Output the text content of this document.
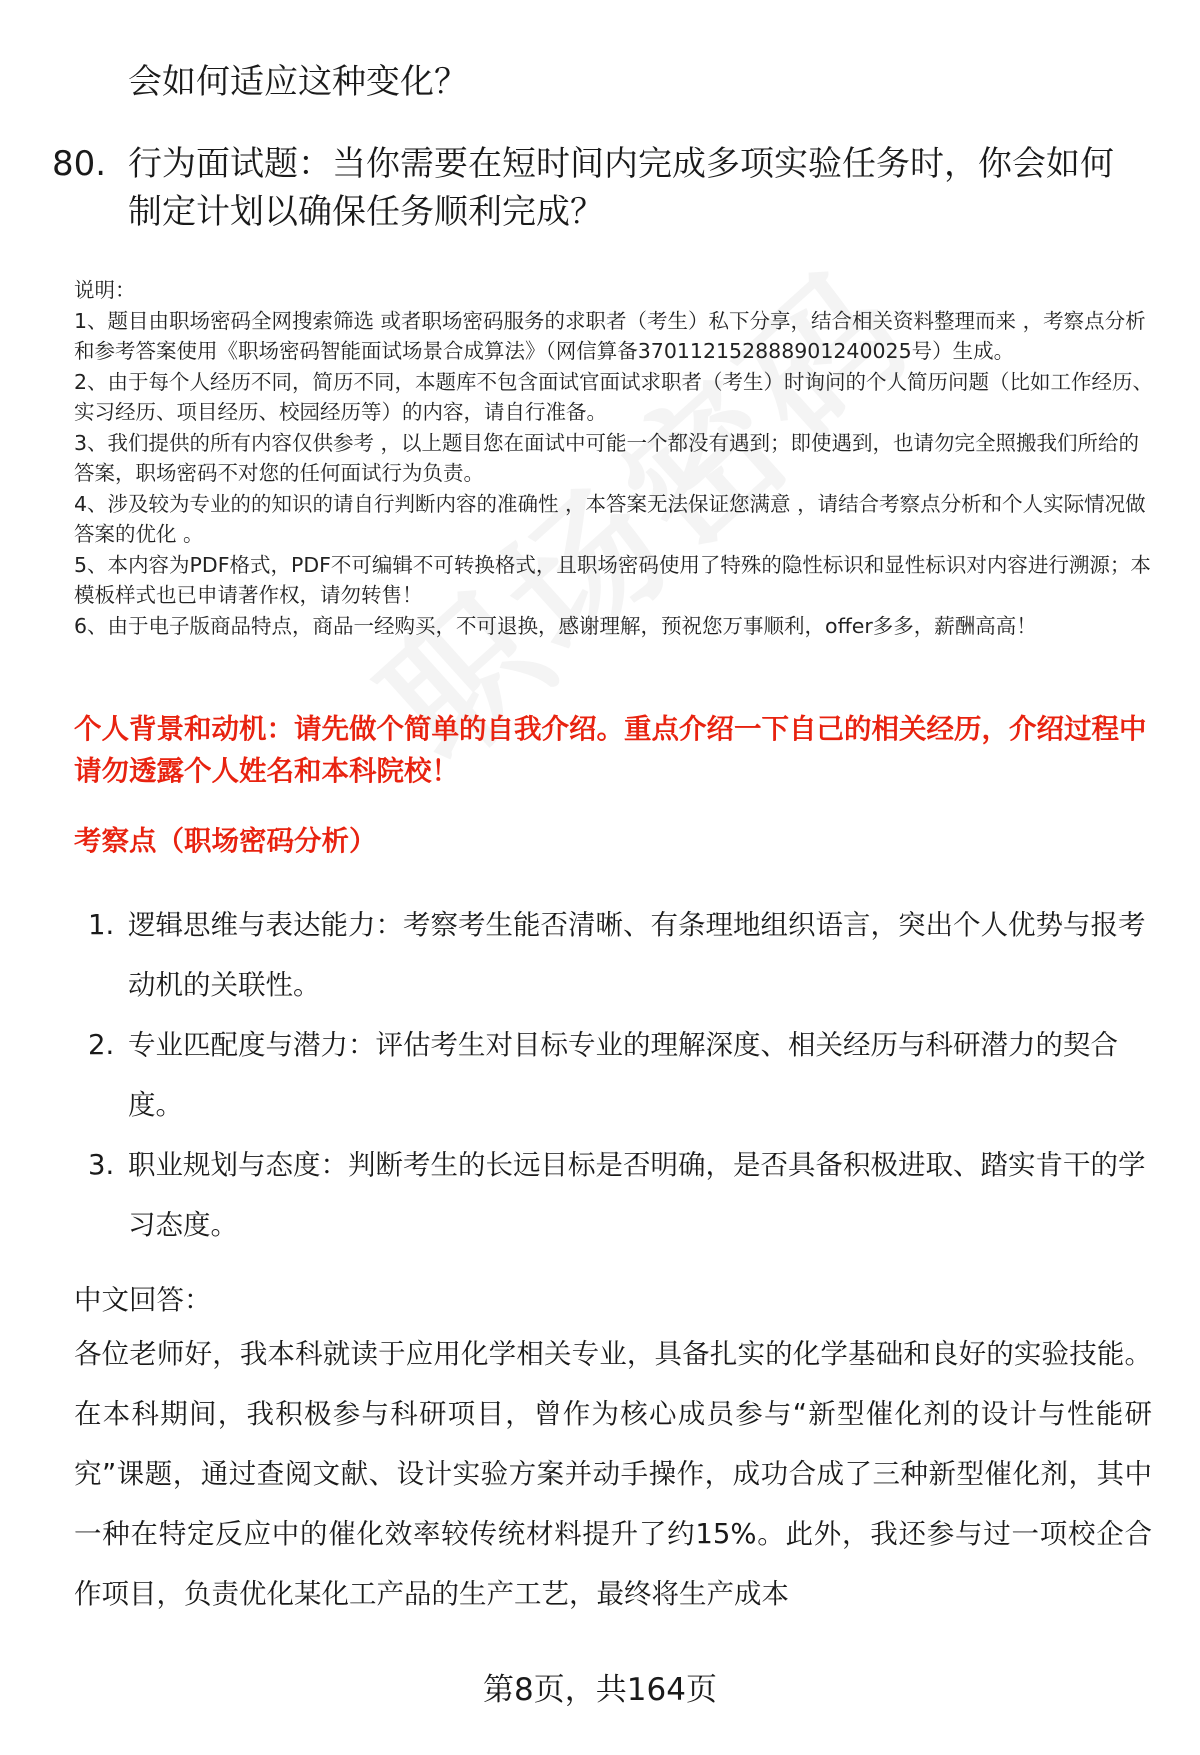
会如何适应这种变化？
80. 行为面试题：当你需要在短时间内完成多项实验任务时，你会如何制定计划以确保任务顺利完成？

说明：

1、题目由职场密码全网搜索筛选 或者职场密码服务的求职者（考生）私下分享，结合相关资料整理而来 ，考察点分析和参考答案使用《职场密码智能面试场景合成算法》（网信算备370112152888901240025号）生成。

2、由于每个人经历不同，简历不同，本题库不包含面试官面试求职者（考生）时询问的个人简历问题（比如工作经历、实习经历、项目经历、校园经历等）的内容，请自行准备。

3、我们提供的所有内容仅供参考 ，以上题目您在面试中可能一个都没有遇到；即使遇到，也请勿完全照搬我们所给的答案，职场密码不对您的任何面试行为负责。

4、涉及较为专业的的知识的请自行判断内容的准确性 ，本答案无法保证您满意 ，请结合考察点分析和个人实际情况做答案的优化 。

5、本内容为PDF格式，PDF不可编辑不可转换格式，且职场密码使用了特殊的隐性标识和显性标识对内容进行溯源；本模板样式也已申请著作权，请勿转售！

6、由于电子版商品特点，商品一经购买，不可退换，感谢理解，预祝您万事顺利，offer多多，薪酬高高！

个人背景和动机：请先做个简单的自我介绍。重点介绍一下自己的相关经历，介绍过程中请勿透露个人姓名和本科院校！
考察点（职场密码分析）
1. 逻辑思维与表达能力：考察考生能否清晰、有条理地组织语言，突出个人优势与报考动机的关联性。
2. 专业匹配度与潜力：评估考生对目标专业的理解深度、相关经历与科研潜力的契合度。
3. 职业规划与态度：判断考生的长远目标是否明确，是否具备积极进取、踏实肯干的学习态度。
中文回答：
各位老师好，我本科就读于应用化学相关专业，具备扎实的化学基础和良好的实验技能。在本科期间，我积极参与科研项目，曾作为核心成员参与“新型催化剂的设计与性能研究”课题，通过查阅文献、设计实验方案并动手操作，成功合成了三种新型催化剂，其中一种在特定反应中的催化效率较传统材料提升了约15%。此外，我还参与过一项校企合作项目，负责优化某化工产品的生产工艺，最终将生产成本
第8页，共164页
